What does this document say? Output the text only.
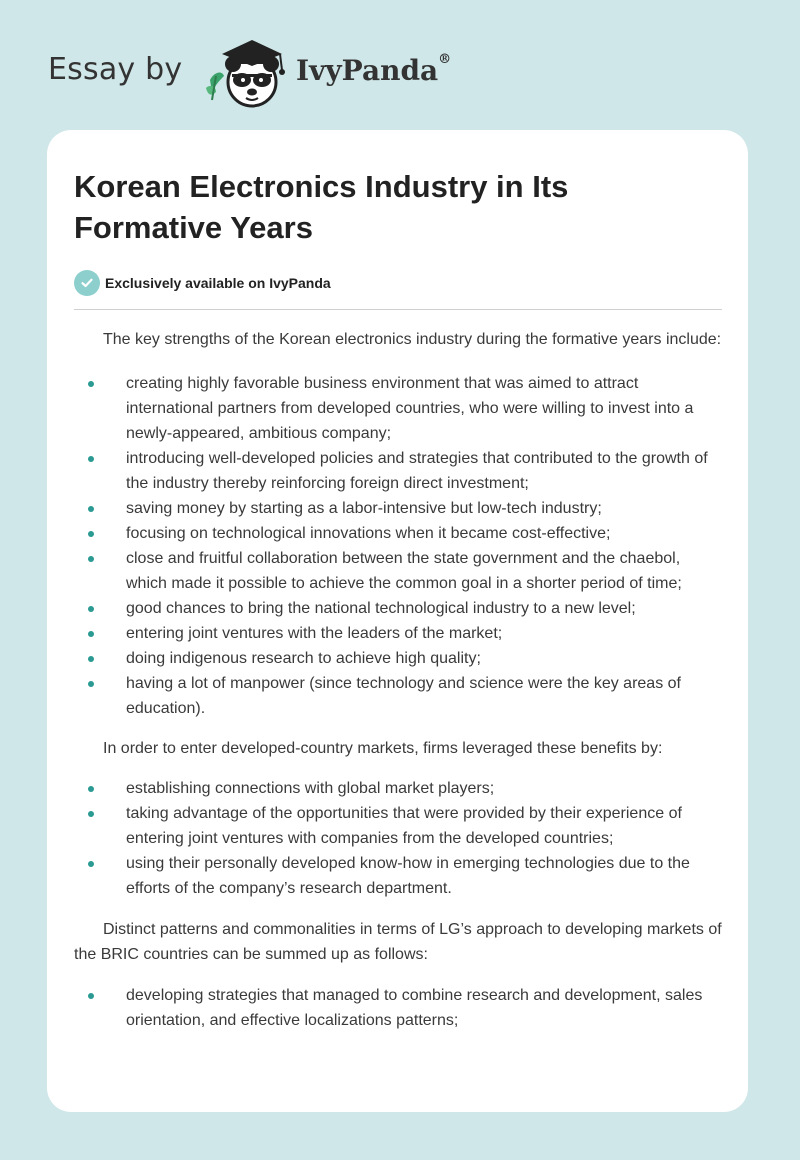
Essay by	IvyPanda®
Korean Electronics Industry in Its Formative Years
Exclusively available on IvyPanda

The key strengths of the Korean electronics industry during the formative years include:

creating highly favorable business environment that was aimed to attract international partners from developed countries, who were willing to invest into a newly-appeared, ambitious company;
introducing well-developed policies and strategies that contributed to the growth of the industry thereby reinforcing foreign direct investment;
saving money by starting as a labor-intensive but low-tech industry;
focusing on technological innovations when it became cost-effective;
close and fruitful collaboration between the state government and the chaebol, which made it possible to achieve the common goal in a shorter period of time;
good chances to bring the national technological industry to a new level;
entering joint ventures with the leaders of the market;
doing indigenous research to achieve high quality;
having a lot of manpower (since technology and science were the key areas of education).

In order to enter developed-country markets, firms leveraged these benefits by:

establishing connections with global market players;
taking advantage of the opportunities that were provided by their experience of entering joint ventures with companies from the developed countries;
using their personally developed know-how in emerging technologies due to the efforts of the company’s research department.

Distinct patterns and commonalities in terms of LG’s approach to developing markets of the BRIC countries can be summed up as follows:

developing strategies that managed to combine research and development, sales orientation, and effective localizations patterns;
